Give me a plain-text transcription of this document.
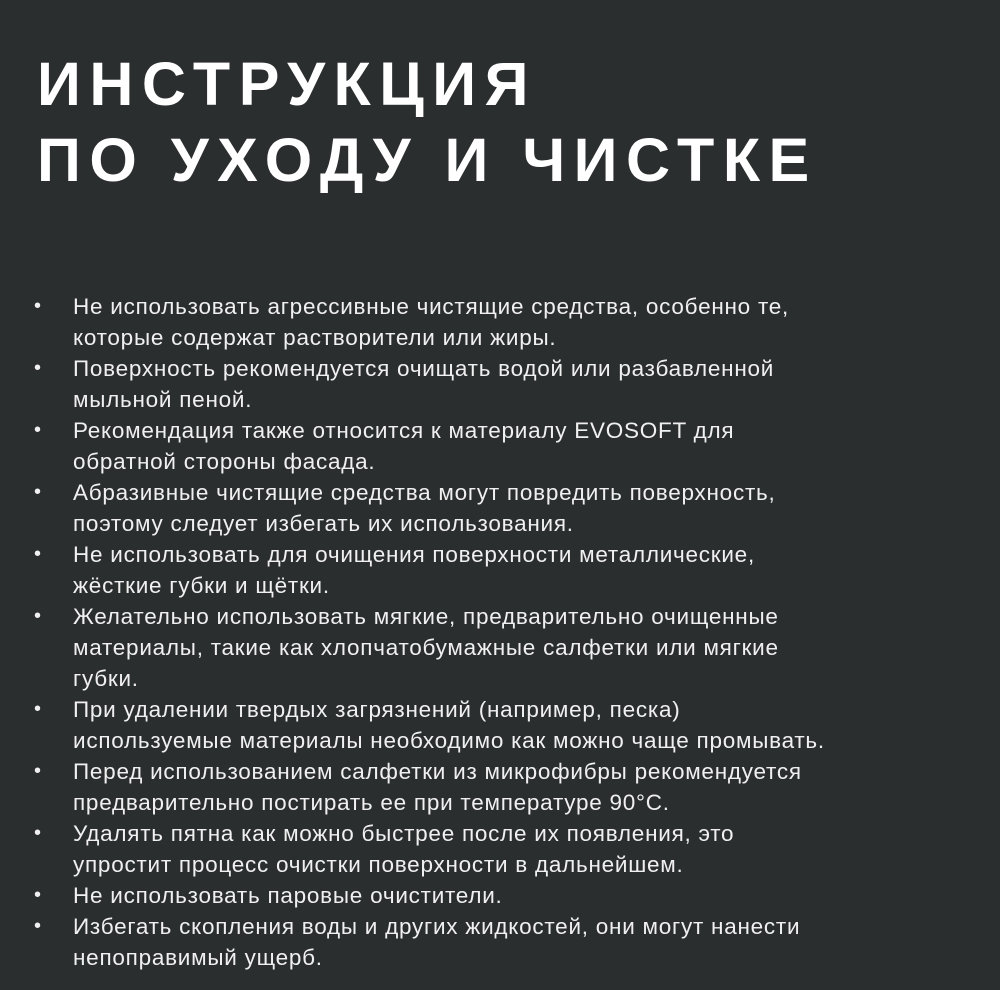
ИНСТРУКЦИЯ
ПО УХОДУ И ЧИСТКЕ
• Не использовать агрессивные чистящие средства, особенно те,
которые содержат растворители или жиры.
• Поверхность рекомендуется очищать водой или разбавленной
мыльной пеной.
• Рекомендация также относится к материалу EVOSOFT для
обратной стороны фасада.
• Абразивные чистящие средства могут повредить поверхность,
поэтому следует избегать их использования.
• Не использовать для очищения поверхности металлические,
жёсткие губки и щётки.
• Желательно использовать мягкие, предварительно очищенные
материалы, такие как хлопчатобумажные салфетки или мягкие
губки.
• При удалении твердых загрязнений (например, песка)
используемые материалы необходимо как можно чаще промывать.
• Перед использованием салфетки из микрофибры рекомендуется
предварительно постирать ее при температуре 90°С.
• Удалять пятна как можно быстрее после их появления, это
упростит процесс очистки поверхности в дальнейшем.
• Не использовать паровые очистители.
• Избегать скопления воды и других жидкостей, они могут нанести
непоправимый ущерб.
